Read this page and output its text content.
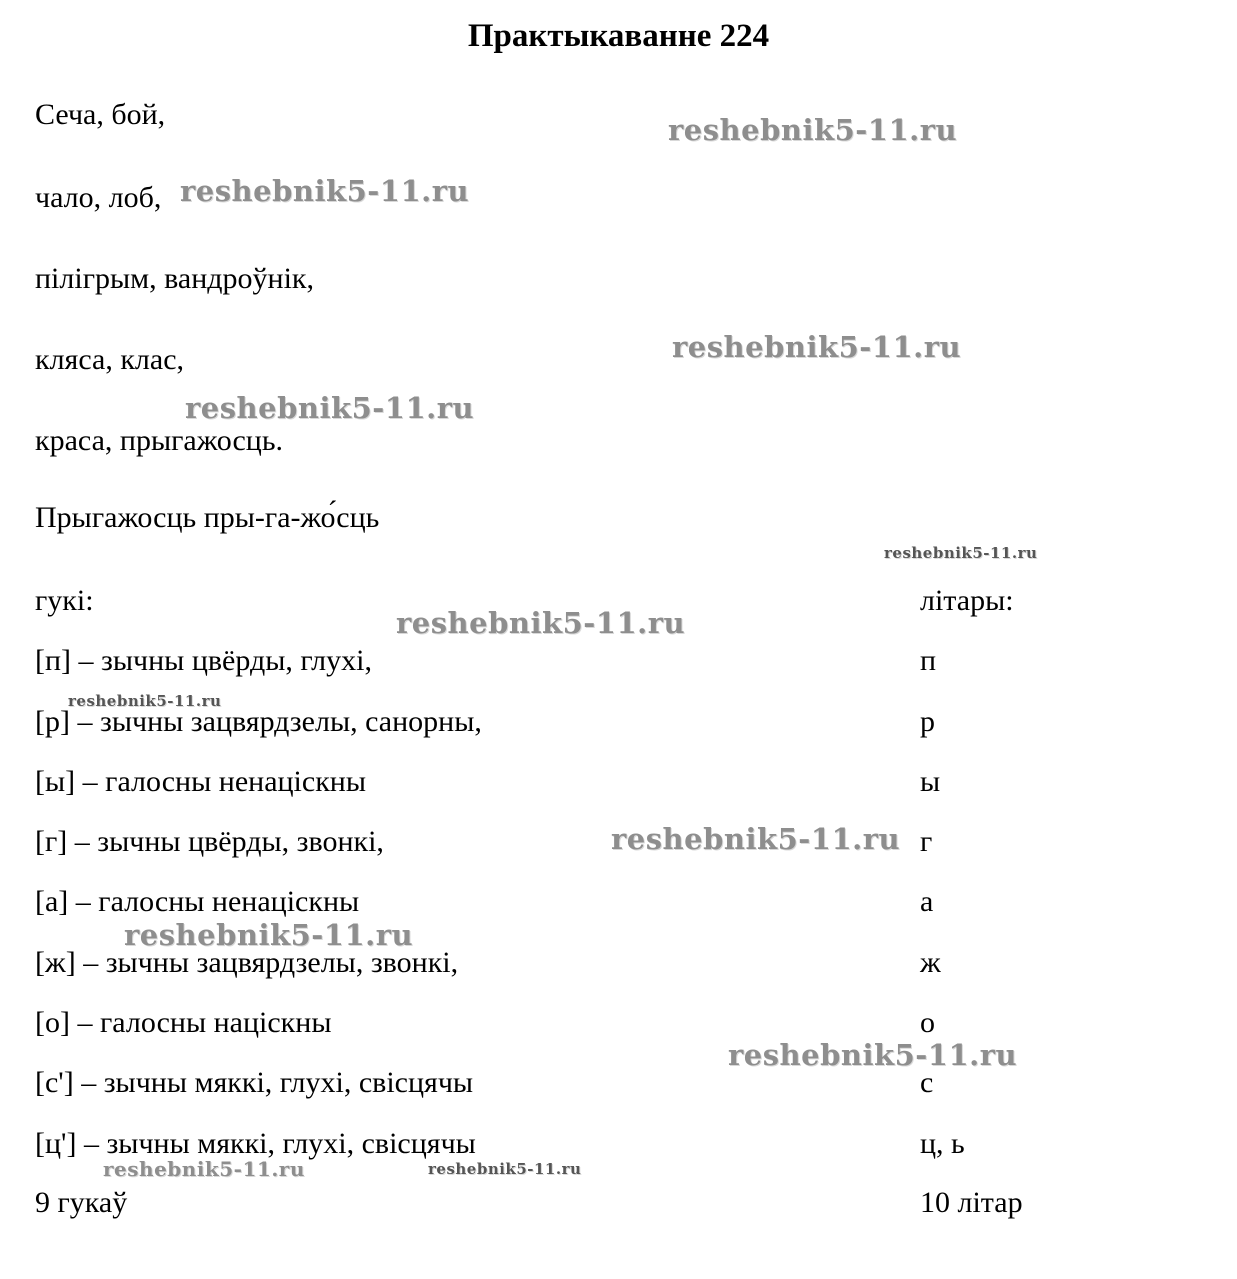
Практыкаванне 224
Сеча, бой,
чало, лоб,
пілігрым, вандроўнік,
кляса, клас,
краса, прыгажосць.
Прыгажосць пры-га-жо́сць
гукі:	літары:
[п] – зычны цвёрды, глухі,	п
[р] – зычны зацвярдзелы, санорны,	р
[ы] – галосны ненаціскны	ы
[г] – зычны цвёрды, звонкі,	г
[а] – галосны ненаціскны	а
[ж] – зычны зацвярдзелы, звонкі,	ж
[о] – галосны націскны	о
[с'] – зычны мяккі, глухі, свісцячы	с
[ц'] – зычны мяккі, глухі, свісцячы	ц, ь
9 гукаў	10 літар
reshebnik5-11.ru
reshebnik5-11.ru
reshebnik5-11.ru
reshebnik5-11.ru
reshebnik5-11.ru
reshebnik5-11.ru
reshebnik5-11.ru
reshebnik5-11.ru
reshebnik5-11.ru
reshebnik5-11.ru
reshebnik5-11.ru	reshebnik5-11.ru
